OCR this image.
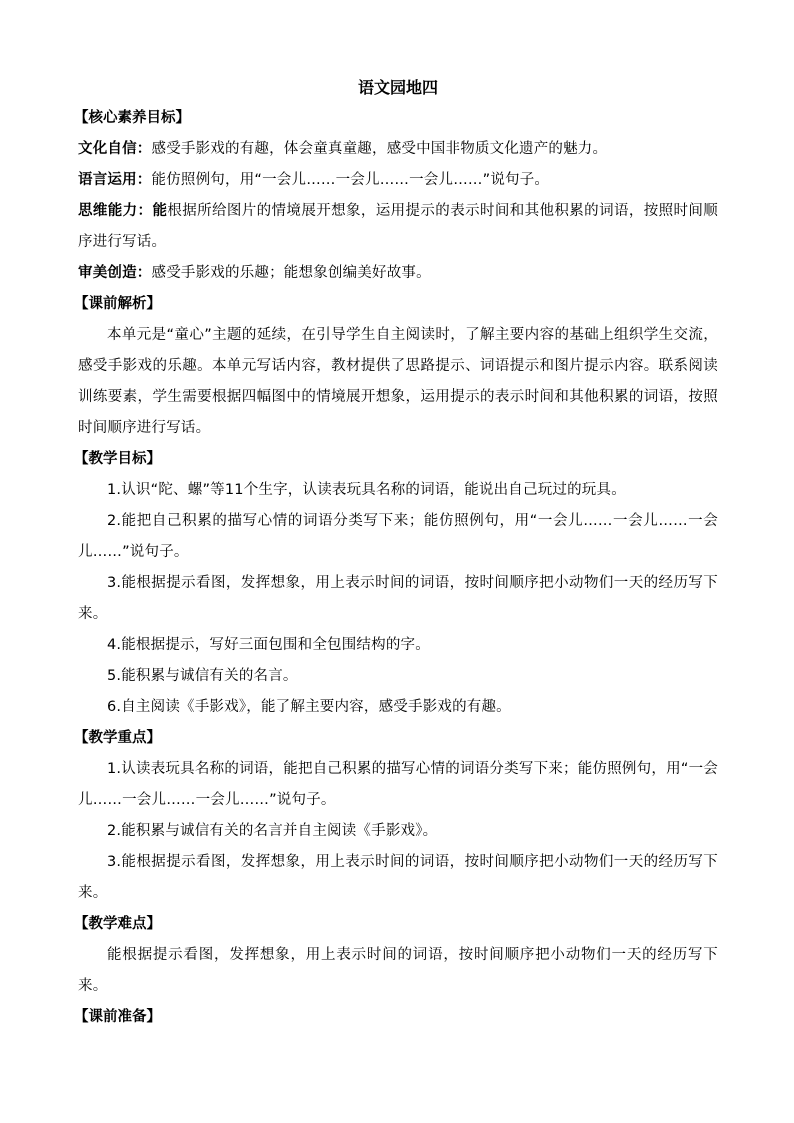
语文园地四
【核心素养目标】

文化自信：感受手影戏的有趣，体会童真童趣，感受中国非物质文化遗产的魅力。

语言运用：能仿照例句，用“一会儿……一会儿……一会儿……”说句子。

思维能力：能根据所给图片的情境展开想象，运用提示的表示时间和其他积累的词语，按照时间顺序进行写话。

审美创造：感受手影戏的乐趣；能想象创编美好故事。

【课前解析】

本单元是“童心”主题的延续，在引导学生自主阅读时，了解主要内容的基础上组织学生交流，感受手影戏的乐趣。本单元写话内容，教材提供了思路提示、词语提示和图片提示内容。联系阅读训练要素，学生需要根据四幅图中的情境展开想象，运用提示的表示时间和其他积累的词语，按照时间顺序进行写话。

【教学目标】

1.认识“陀、螺”等11个生字，认读表玩具名称的词语，能说出自己玩过的玩具。

2.能把自己积累的描写心情的词语分类写下来；能仿照例句，用“一会儿……一会儿……一会儿……”说句子。

3.能根据提示看图，发挥想象，用上表示时间的词语，按时间顺序把小动物们一天的经历写下来。

4.能根据提示，写好三面包围和全包围结构的字。

5.能积累与诚信有关的名言。

6.自主阅读《手影戏》，能了解主要内容，感受手影戏的有趣。

【教学重点】

1.认读表玩具名称的词语，能把自己积累的描写心情的词语分类写下来；能仿照例句，用“一会儿……一会儿……一会儿……”说句子。

2.能积累与诚信有关的名言并自主阅读《手影戏》。

3.能根据提示看图，发挥想象，用上表示时间的词语，按时间顺序把小动物们一天的经历写下来。

【教学难点】

能根据提示看图，发挥想象，用上表示时间的词语，按时间顺序把小动物们一天的经历写下来。

【课前准备】
